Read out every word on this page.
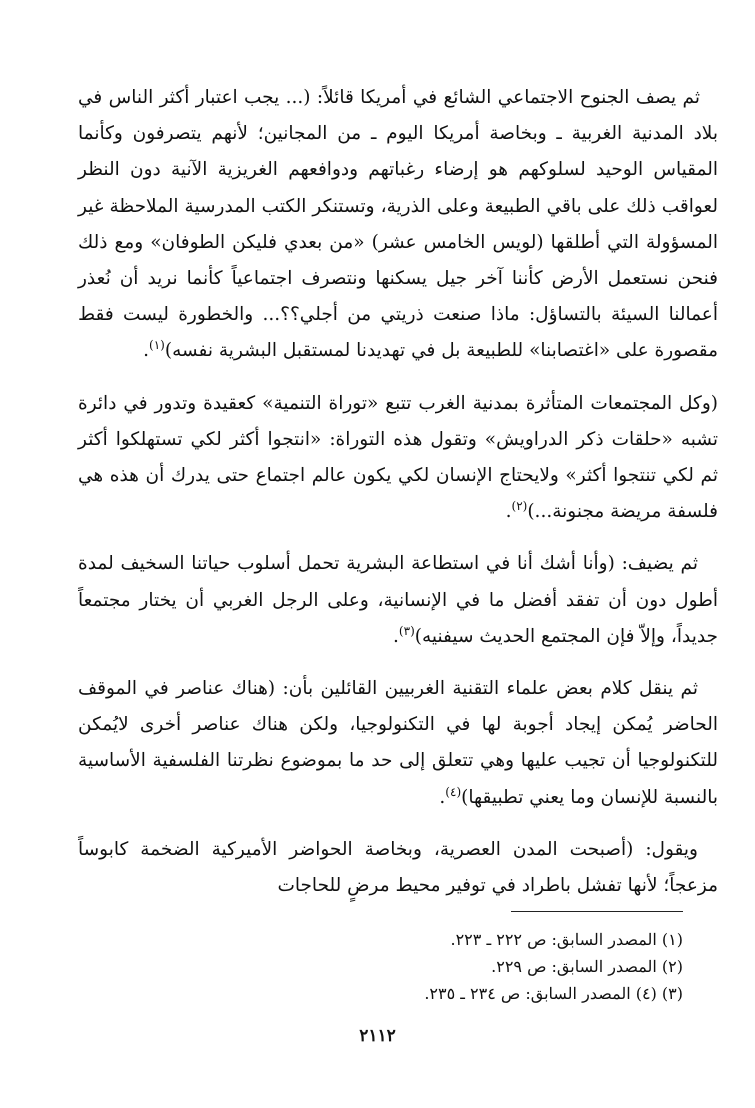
ثم يصف الجنوح الاجتماعي الشائع في أمريكا قائلاً: (... يجب اعتبار أكثر الناس في بلاد المدنية الغربية ـ وبخاصة أمريكا اليوم ـ من المجانين؛ لأنهم يتصرفون وكأنما المقياس الوحيد لسلوكهم هو إرضاء رغباتهم ودوافعهم الغريزية الآنية دون النظر لعواقب ذلك على باقي الطبيعة وعلى الذرية، وتستنكر الكتب المدرسية الملاحظة غير المسؤولة التي أطلقها (لويس الخامس عشر) «من بعدي فليكن الطوفان» ومع ذلك فنحن نستعمل الأرض كأننا آخر جيل يسكنها ونتصرف اجتماعياً كأنما نريد أن نُعذر أعمالنا السيئة بالتساؤل: ماذا صنعت ذريتي من أجلي؟؟... والخطورة ليست فقط مقصورة على «اغتصابنا» للطبيعة بل في تهديدنا لمستقبل البشرية نفسه)$^{(١)}$.

(وكل المجتمعات المتأثرة بمدنية الغرب تتبع «توراة التنمية» كعقيدة وتدور في دائرة تشبه «حلقات ذكر الدراويش» وتقول هذه التوراة: «انتجوا أكثر لكي تستهلكوا أكثر ثم لكي تنتجوا أكثر» ولايحتاج الإنسان لكي يكون عالم اجتماع حتى يدرك أن هذه هي فلسفة مريضة مجنونة...)$^{(٢)}$.

ثم يضيف: (وأنا أشك أنا في استطاعة البشرية تحمل أسلوب حياتنا السخيف لمدة أطول دون أن تفقد أفضل ما في الإنسانية، وعلى الرجل الغربي أن يختار مجتمعاً جديداً، وإلاّ فإن المجتمع الحديث سيفنيه)$^{(٣)}$.

ثم ينقل كلام بعض علماء التقنية الغربيين القائلين بأن: (هناك عناصر في الموقف الحاضر يُمكن إيجاد أجوبة لها في التكنولوجيا، ولكن هناك عناصر أخرى لايُمكن للتكنولوجيا أن تجيب عليها وهي تتعلق إلى حد ما بموضوع نظرتنا الفلسفية الأساسية بالنسبة للإنسان وما يعني تطبيقها)$^{(٤)}$.

ويقول: (أصبحت المدن العصرية، وبخاصة الحواضر الأميركية الضخمة كابوساً مزعجاً؛ لأنها تفشل باطراد في توفير محيط مرضٍ للحاجات

(١) المصدر السابق: ص ٢٢٢ ـ ٢٢٣.

(٢) المصدر السابق: ص ٢٢٩.

(٣) (٤) المصدر السابق: ص ٢٣٤ ـ ٢٣٥.

٢١١٢
